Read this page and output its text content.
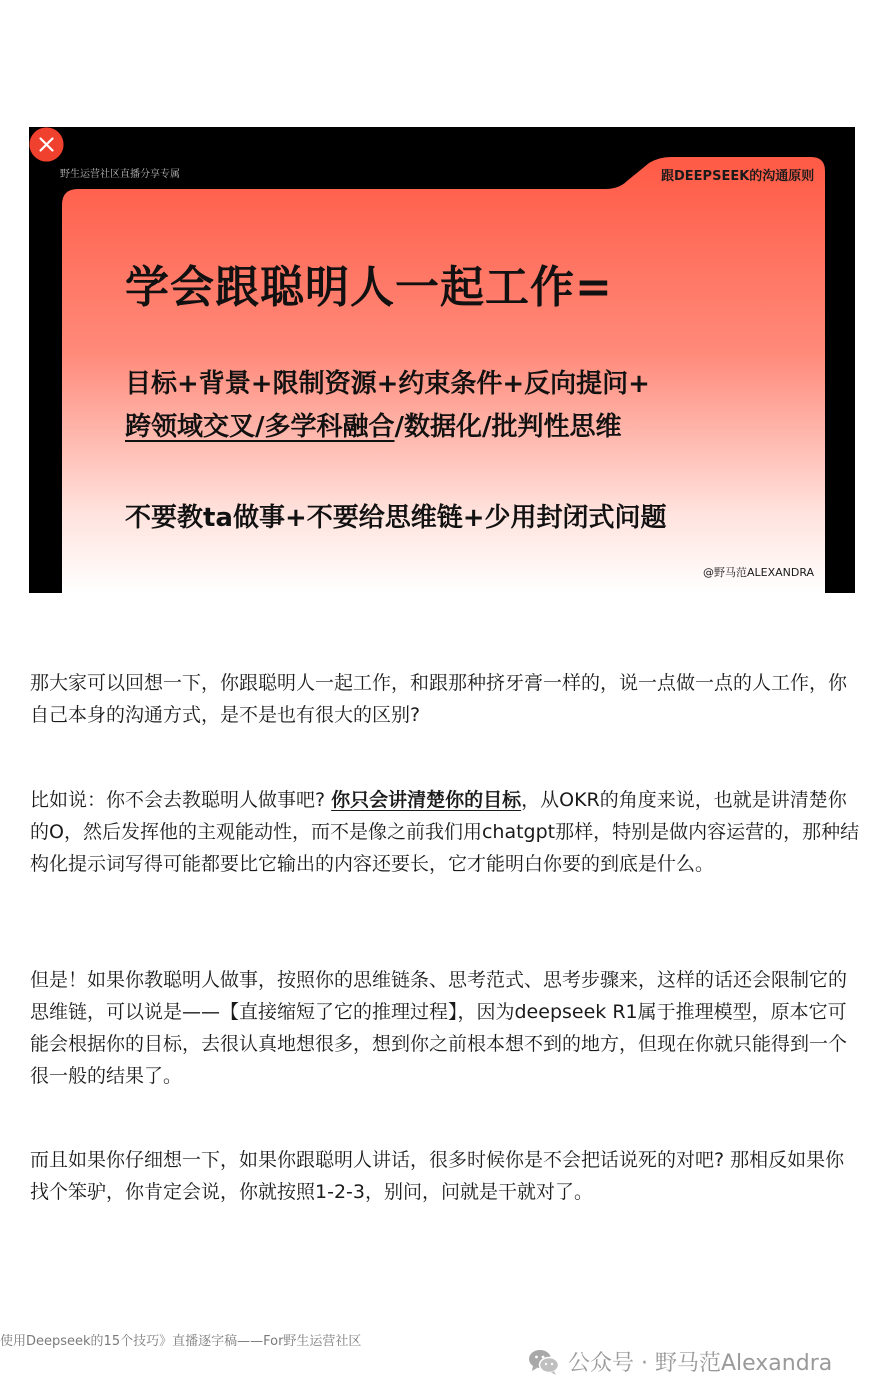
野生运营社区直播分享专属	跟DEEPSEEK的沟通原则
学会跟聪明人一起工作=
目标+背景+限制资源+约束条件+反向提问+
跨领域交叉/多学科融合/数据化/批判性思维
不要教ta做事+不要给思维链+少用封闭式问题
@野马范ALEXANDRA

那大家可以回想一下，你跟聪明人一起工作，和跟那种挤牙膏一样的，说一点做一点的人工作，你自己本身的沟通方式，是不是也有很大的区别?

比如说：你不会去教聪明人做事吧? 你只会讲清楚你的目标，从OKR的角度来说，也就是讲清楚你的O，然后发挥他的主观能动性，而不是像之前我们用chatgpt那样，特别是做内容运营的，那种结构化提示词写得可能都要比它输出的内容还要长，它才能明白你要的到底是什么。

但是！如果你教聪明人做事，按照你的思维链条、思考范式、思考步骤来，这样的话还会限制它的思维链，可以说是——【直接缩短了它的推理过程】，因为deepseek R1属于推理模型，原本它可能会根据你的目标，去很认真地想很多，想到你之前根本想不到的地方，但现在你就只能得到一个很一般的结果了。

而且如果你仔细想一下，如果你跟聪明人讲话，很多时候你是不会把话说死的对吧? 那相反如果你找个笨驴，你肯定会说，你就按照1-2-3，别问，问就是干就对了。

使用Deepseek的15个技巧》直播逐字稿——For野生运营社区
公众号 · 野马范Alexandra
